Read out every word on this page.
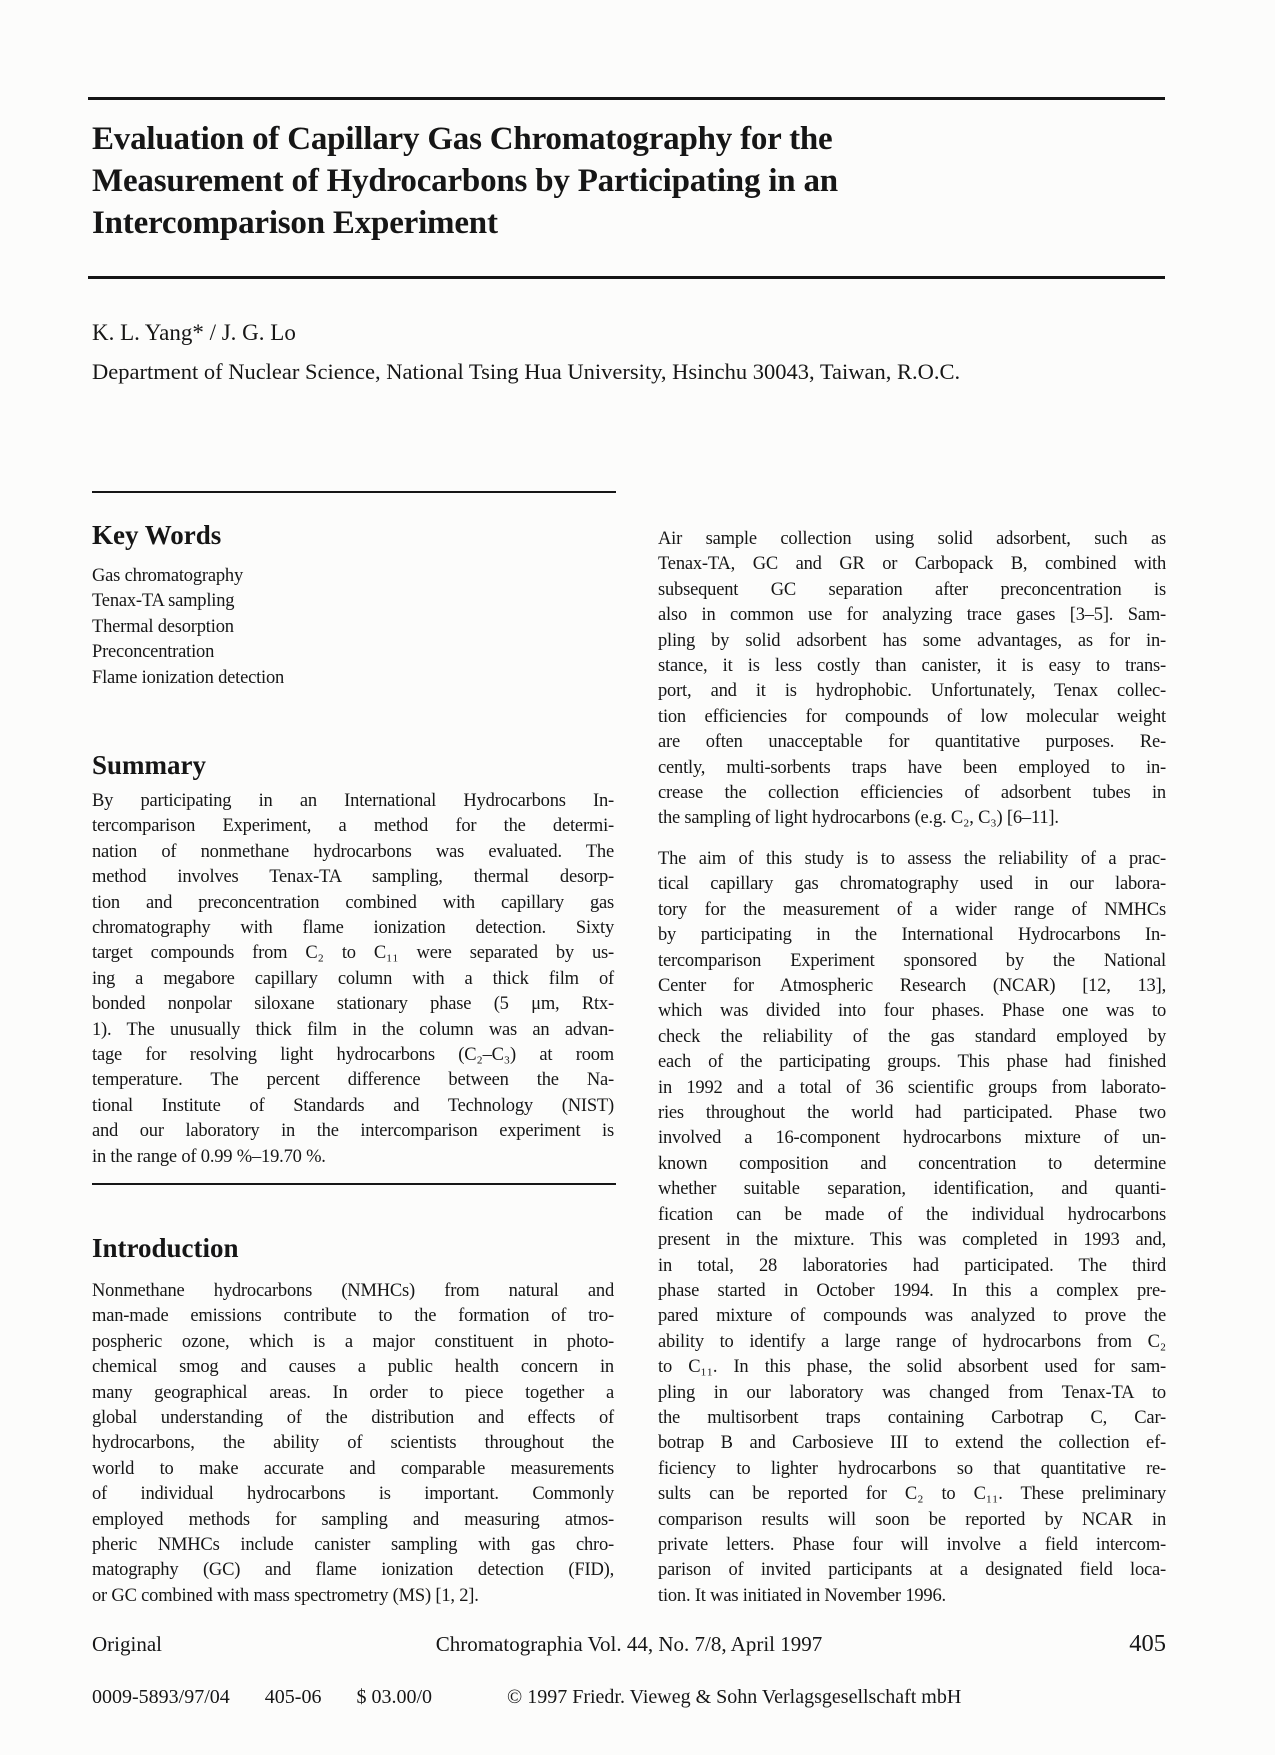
Evaluation of Capillary Gas Chromatography for the
Measurement of Hydrocarbons by Participating in an
Intercomparison Experiment
K. L. Yang* / J. G. Lo
Department of Nuclear Science, National Tsing Hua University, Hsinchu 30043, Taiwan, R.O.C.
Key Words
Gas chromatography
Tenax-TA sampling
Thermal desorption
Preconcentration
Flame ionization detection
Summary
By participating in an International Hydrocarbons In-
tercomparison Experiment, a method for the determi-
nation of nonmethane hydrocarbons was evaluated. The
method involves Tenax-TA sampling, thermal desorp-
tion and preconcentration combined with capillary gas
chromatography with flame ionization detection. Sixty
target compounds from C₂ to C₁₁ were separated by us-
ing a megabore capillary column with a thick film of
bonded nonpolar siloxane stationary phase (5 μm, Rtx-
1). The unusually thick film in the column was an advan-
tage for resolving light hydrocarbons (C₂–C₃) at room
temperature. The percent difference between the Na-
tional Institute of Standards and Technology (NIST)
and our laboratory in the intercomparison experiment is
in the range of 0.99 %–19.70 %.
Introduction
Nonmethane hydrocarbons (NMHCs) from natural and
man-made emissions contribute to the formation of tro-
pospheric ozone, which is a major constituent in photo-
chemical smog and causes a public health concern in
many geographical areas. In order to piece together a
global understanding of the distribution and effects of
hydrocarbons, the ability of scientists throughout the
world to make accurate and comparable measurements
of individual hydrocarbons is important. Commonly
employed methods for sampling and measuring atmos-
pheric NMHCs include canister sampling with gas chro-
matography (GC) and flame ionization detection (FID),
or GC combined with mass spectrometry (MS) [1, 2].
Air sample collection using solid adsorbent, such as
Tenax-TA, GC and GR or Carbopack B, combined with
subsequent GC separation after preconcentration is
also in common use for analyzing trace gases [3–5]. Sam-
pling by solid adsorbent has some advantages, as for in-
stance, it is less costly than canister, it is easy to trans-
port, and it is hydrophobic. Unfortunately, Tenax collec-
tion efficiencies for compounds of low molecular weight
are often unacceptable for quantitative purposes. Re-
cently, multi-sorbents traps have been employed to in-
crease the collection efficiencies of adsorbent tubes in
the sampling of light hydrocarbons (e.g. C₂, C₃) [6–11].
The aim of this study is to assess the reliability of a prac-
tical capillary gas chromatography used in our labora-
tory for the measurement of a wider range of NMHCs
by participating in the International Hydrocarbons In-
tercomparison Experiment sponsored by the National
Center for Atmospheric Research (NCAR) [12, 13],
which was divided into four phases. Phase one was to
check the reliability of the gas standard employed by
each of the participating groups. This phase had finished
in 1992 and a total of 36 scientific groups from laborato-
ries throughout the world had participated. Phase two
involved a 16-component hydrocarbons mixture of un-
known composition and concentration to determine
whether suitable separation, identification, and quanti-
fication can be made of the individual hydrocarbons
present in the mixture. This was completed in 1993 and,
in total, 28 laboratories had participated. The third
phase started in October 1994. In this a complex pre-
pared mixture of compounds was analyzed to prove the
ability to identify a large range of hydrocarbons from C₂
to C₁₁. In this phase, the solid absorbent used for sam-
pling in our laboratory was changed from Tenax-TA to
the multisorbent traps containing Carbotrap C, Car-
botrap B and Carbosieve III to extend the collection ef-
ficiency to lighter hydrocarbons so that quantitative re-
sults can be reported for C₂ to C₁₁. These preliminary
comparison results will soon be reported by NCAR in
private letters. Phase four will involve a field intercom-
parison of invited participants at a designated field loca-
tion. It was initiated in November 1996.
Original	Chromatographia Vol. 44, No. 7/8, April 1997	405
0009-5893/97/04 405-06 $ 03.00/0	© 1997 Friedr. Vieweg & Sohn Verlagsgesellschaft mbH
